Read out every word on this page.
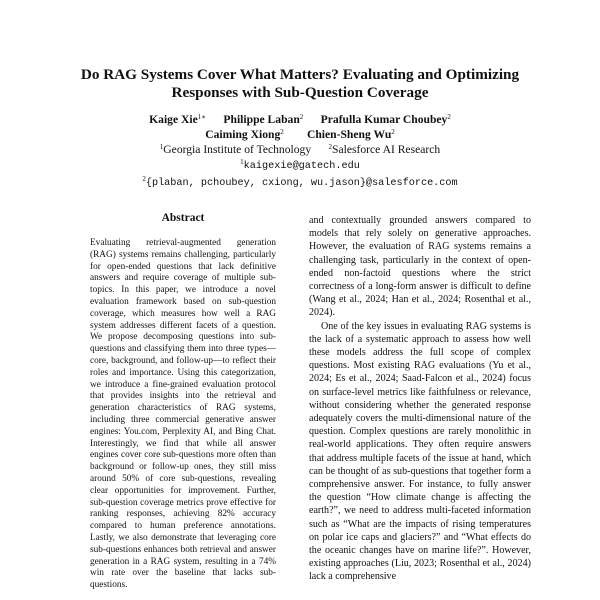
Do RAG Systems Cover What Matters? Evaluating and Optimizing
Responses with Sub-Question Coverage
Kaige Xie$^{1∗}$ Philippe Laban$^2$ Prafulla Kumar Choubey$^2$
Caiming Xiong$^2$ Chien-Sheng Wu$^2$
$^1$Georgia Institute of Technology $^2$Salesforce AI Research
$^1$kaigexie@gatech.edu
$^2${plaban, pchoubey, cxiong, wu.jason}@salesforce.com
Abstract

Evaluating retrieval-augmented generation (RAG) systems remains challenging, particularly for open-ended questions that lack definitive answers and require coverage of multiple sub-topics. In this paper, we introduce a novel evaluation framework based on sub-question coverage, which measures how well a RAG system addresses different facets of a question. We propose decomposing questions into sub-questions and classifying them into three types—core, background, and follow-up—to reflect their roles and importance. Using this categorization, we introduce a fine-grained evaluation protocol that provides insights into the retrieval and generation characteristics of RAG systems, including three commercial generative answer engines: You.com, Perplexity AI, and Bing Chat. Interestingly, we find that while all answer engines cover core sub-questions more often than background or follow-up ones, they still miss around 50% of core sub-questions, revealing clear opportunities for improvement. Further, sub-question coverage metrics prove effective for ranking responses, achieving 82% accuracy compared to human preference annotations. Lastly, we also demonstrate that leveraging core sub-questions enhances both retrieval and answer generation in a RAG system, resulting in a 74% win rate over the baseline that lacks sub-questions.

and contextually grounded answers compared to models that rely solely on generative approaches. However, the evaluation of RAG systems remains a challenging task, particularly in the context of open-ended non-factoid questions where the strict correctness of a long-form answer is difficult to define (Wang et al., 2024; Han et al., 2024; Rosenthal et al., 2024).

One of the key issues in evaluating RAG systems is the lack of a systematic approach to assess how well these models address the full scope of complex questions. Most existing RAG evaluations (Yu et al., 2024; Es et al., 2024; Saad-Falcon et al., 2024) focus on surface-level metrics like faithfulness or relevance, without considering whether the generated response adequately covers the multi-dimensional nature of the question. Complex questions are rarely monolithic in real-world applications. They often require answers that address multiple facets of the issue at hand, which can be thought of as sub-questions that together form a comprehensive answer. For instance, to fully answer the question “How climate change is affecting the earth?”, we need to address multi-faceted information such as “What are the impacts of rising temperatures on polar ice caps and glaciers?” and “What effects do the oceanic changes have on marine life?”. However, existing approaches (Liu, 2023; Rosenthal et al., 2024) lack a comprehensive
